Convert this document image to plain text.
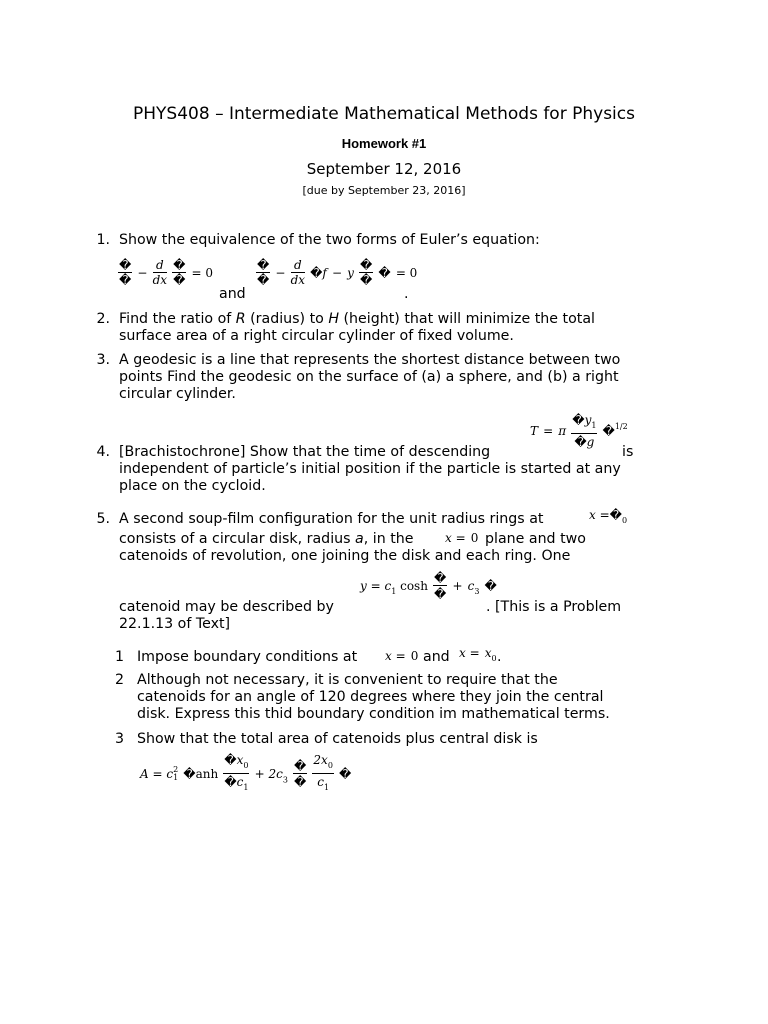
PHYS408 – Intermediate Mathematical Methods for Physics
Homework #1
September 12, 2016
[due by September 23, 2016]
1. Show the equivalence of the two forms of Euler’s equation:
$\frac{�}{�} - \frac{d}{dx}$
$\frac{�}{�} = 0$
and
$\frac{�}{�} - \frac{d}{dx}$ �f − y $\frac{�}{�}$ � = 0
.
2. Find the ratio of R (radius) to H (height) that will minimize the total
surface area of a right circular cylinder of fixed volume.
3. A geodesic is a line that represents the shortest distance between two
points Find the geodesic on the surface of (a) a sphere, and (b) a right
circular cylinder.
T = π $\frac{�y_1}{�g}$ �$^{1/2}$
4. [Brachistochrone] Show that the time of descending	is
independent of particle’s initial position if the particle is started at any
place on the cycloid.
5. A second soup-film configuration for the unit radius rings at	$x =�_0$
consists of a circular disk, radius a, in the	x = 0 plane and two
catenoids of revolution, one joining the disk and each ring. One
$y = c_1$ $\cosh \frac{�}{�} + c_3$ �
catenoid may be described by	. [This is a Problem
22.1.13 of Text]
1 Impose boundary conditions at x = 0 and $x = x_0$ .
2 Although not necessary, it is convenient to require that the
catenoids for an angle of 120 degrees where they join the central
disk. Express this thid boundary condition im mathematical terms.
3 Show that the total area of catenoids plus central disk is
A = c 2
1 �anh $\frac{�x_0}{�c_1} + 2c_3 \frac{�}{�}$
$\frac{2x_0}{c_1}$ �
